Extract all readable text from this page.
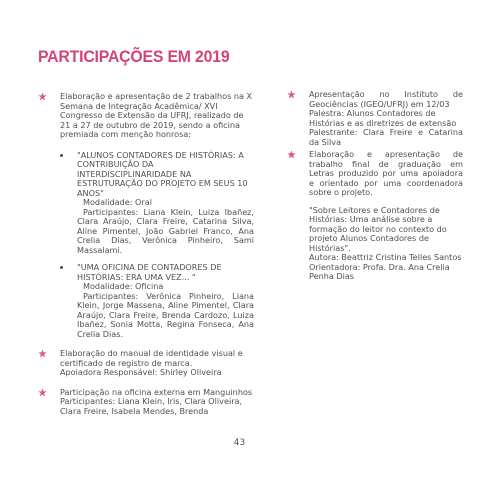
PARTICIPAÇÕES EM 2019

Elaboração e apresentação de 2 trabalhos na X Semana de Integração Acadêmica/ XVI Congresso de Extensão da UFRJ, realizado de 21 a 27 de outubro de 2019, sendo a oficina premiada com menção honrosa:

"ALUNOS CONTADORES DE HISTÓRIAS: A CONTRIBUIÇÃO DA INTERDISCIPLINARIDADE NA ESTRUTURAÇÃO DO PROJETO EM SEUS 10 ANOS"

Modalidade: Oral

Participantes: Liana Klein, Luiza Ibañez, Clara Araújo, Clara Freire, Catarina Silva, Aline Pimentel, João Gabriel Franco, Ana Crelia Dias, Verônica Pinheiro, Sami Massalami.

"UMA OFICINA DE CONTADORES DE HISTÓRIAS: ERA UMA VEZ... "

Modalidade: Oficina

Participantes: Verônica Pinheiro, Liana Klein, Jorge Massena, Aline Pimentel, Clara Araújo, Clara Freire, Brenda Cardozo, Luiza Ibañez, Sonia Motta, Regina Fonseca, Ana Crelia Dias.

Elaboração do manual de identidade visual e certificado de registro de marca.

Apoiadora Responsável: Shirley Oliveira

Participação na oficina externa em Manguinhos

Participantes: Liana Klein, Iris, Clara Oliveira, Clara Freire, Isabela Mendes, Brenda

Apresentação no Instituto de Geociências (IGEO/UFRJ) em 12/03

Palestra: Alunos Contadores de Histórias e as diretrizes de extensão

Palestrante: Clara Freire e Catarina da Silva

Elaboração e apresentação de trabalho final de graduação em Letras produzido por uma apoiadora e orientado por uma coordenadora sobre o projeto.

"Sobre Leitores e Contadores de Histórias: Uma análise sobre a formação do leitor no contexto do projeto Alunos Contadores de Histórias".

Autora: Beattriz Cristina Telles Santos

Orientadora: Profa. Dra. Ana Crelia Penha Dias

43
